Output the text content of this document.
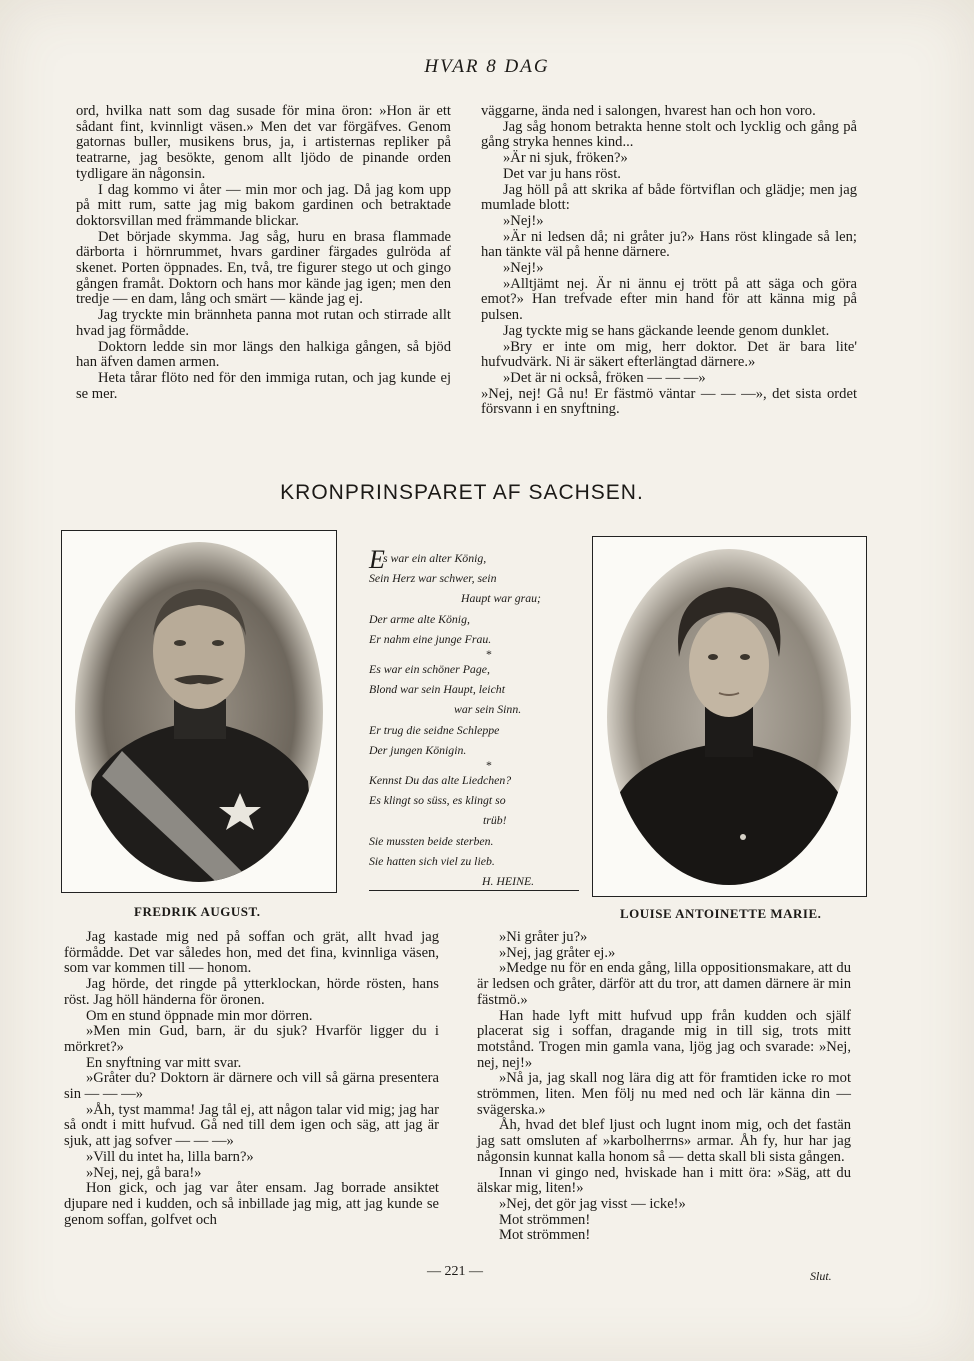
HVAR 8 DAG

ord, hvilka natt som dag susade för mina öron: »Hon är ett sådant fint, kvinnligt väsen.» Men det var förgäfves. Genom gatornas buller, musikens brus, ja, i artisternas repliker på teatrarne, jag besökte, genom allt ljödo de pinande orden tydligare än någonsin.

I dag kommo vi åter — min mor och jag. Då jag kom upp på mitt rum, satte jag mig bakom gardinen och betraktade doktorsvillan med främmande blickar.

Det började skymma. Jag såg, huru en brasa flammade därborta i hörnrummet, hvars gardiner färgades gulröda af skenet. Porten öppnades. En, två, tre figurer stego ut och gingo gången framåt. Doktorn och hans mor kände jag igen; men den tredje — en dam, lång och smärt — kände jag ej.

Jag tryckte min brännheta panna mot rutan och stirrade allt hvad jag förmådde.

Doktorn ledde sin mor längs den halkiga gången, så bjöd han äfven damen armen.

Heta tårar flöto ned för den immiga rutan, och jag kunde ej se mer.

väggarne, ända ned i salongen, hvarest han och hon voro.

Jag såg honom betrakta henne stolt och lycklig och gång på gång stryka hennes kind...

»Är ni sjuk, fröken?»

Det var ju hans röst.

Jag höll på att skrika af både förtviflan och glädje; men jag mumlade blott:

»Nej!»

»Är ni ledsen då; ni gråter ju?» Hans röst klingade så len; han tänkte väl på henne därnere.

»Nej!»

»Alltjämt nej. Är ni ännu ej trött på att säga och göra emot?» Han trefvade efter min hand för att känna mig på pulsen.

Jag tyckte mig se hans gäckande leende genom dunklet.

»Bry er inte om mig, herr doktor. Det är bara lite' hufvudvärk. Ni är säkert efterlängtad därnere.»

»Det är ni också, fröken — — —»

»Nej, nej! Gå nu! Er fästmö väntar — — —», det sista ordet försvann i en snyftning.

KRONPRINSPARET AF SACHSEN.
E
s war ein alter König,
Sein Herz war schwer, sein
Haupt war grau;
Der arme alte König,
Er nahm eine junge Frau.
*
Es war ein schöner Page,
Blond war sein Haupt, leicht
war sein Sinn.
Er trug die seidne Schleppe
Der jungen Königin.
*
Kennst Du das alte Liedchen?
Es klingt so süss, es klingt so
trüb!
Sie mussten beide sterben.
Sie hatten sich viel zu lieb.
H. HEINE.
FREDRIK AUGUST.	LOUISE ANTOINETTE MARIE.

Jag kastade mig ned på soffan och grät, allt hvad jag förmådde. Det var således hon, med det fina, kvinnliga väsen, som var kommen till — honom.

Jag hörde, det ringde på ytterklockan, hörde rösten, hans röst. Jag höll händerna för öronen.

Om en stund öppnade min mor dörren.

»Men min Gud, barn, är du sjuk? Hvarför ligger du i mörkret?»

En snyftning var mitt svar.

»Gråter du? Doktorn är därnere och vill så gärna presentera sin — — —»

»Åh, tyst mamma! Jag tål ej, att någon talar vid mig; jag har så ondt i mitt hufvud. Gå ned till dem igen och säg, att jag är sjuk, att jag sofver — — —»

»Vill du intet ha, lilla barn?»

»Nej, nej, gå bara!»

Hon gick, och jag var åter ensam. Jag borrade ansiktet djupare ned i kudden, och så inbillade jag mig, att jag kunde se genom soffan, golfvet och

»Ni gråter ju?»

»Nej, jag gråter ej.»

»Medge nu för en enda gång, lilla oppositionsmakare, att du är ledsen och gråter, därför att du tror, att damen därnere är min fästmö.»

Han hade lyft mitt hufvud upp från kudden och själf placerat sig i soffan, dragande mig in till sig, trots mitt motstånd. Trogen min gamla vana, ljög jag och svarade: »Nej, nej, nej!»

»Nå ja, jag skall nog lära dig att för framtiden icke ro mot strömmen, liten. Men följ nu med ned och lär känna din — svägerska.»

Åh, hvad det blef ljust och lugnt inom mig, och det fastän jag satt omsluten af »karbolherrns» armar. Åh fy, hur har jag någonsin kunnat kalla honom så — detta skall bli sista gången.

Innan vi gingo ned, hviskade han i mitt öra: »Säg, att du älskar mig, liten!»

»Nej, det gör jag visst — icke!»

Mot strömmen!

Mot strömmen!

— 221 —	Slut.
